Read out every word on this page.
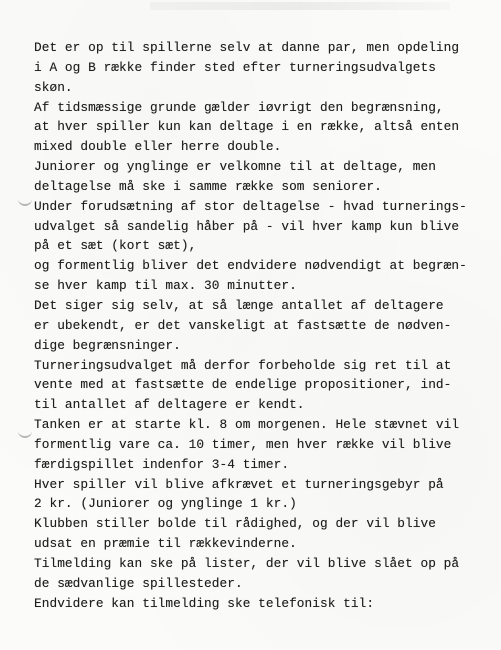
Det er op til spillerne selv at danne par, men opdeling
i A og B række finder sted efter turneringsudvalgets
skøn.
Af tidsmæssige grunde gælder iøvrigt den begrænsning,
at hver spiller kun kan deltage i en række, altså enten
mixed double eller herre double.
Juniorer og ynglinge er velkomne til at deltage, men
deltagelse må ske i samme række som seniorer.
Under forudsætning af stor deltagelse - hvad turnerings-
udvalget så sandelig håber på - vil hver kamp kun blive
på et sæt (kort sæt),
og formentlig bliver det endvidere nødvendigt at begræn-
se hver kamp til max. 30 minutter.
Det siger sig selv, at så længe antallet af deltagere
er ubekendt, er det vanskeligt at fastsætte de nødven-
dige begrænsninger.
Turneringsudvalget må derfor forbeholde sig ret til at
vente med at fastsætte de endelige propositioner, ind-
til antallet af deltagere er kendt.
Tanken er at starte kl. 8 om morgenen. Hele stævnet vil
formentlig vare ca. 10 timer, men hver række vil blive
færdigspillet indenfor 3-4 timer.
Hver spiller vil blive afkrævet et turneringsgebyr på
2 kr. (Juniorer og ynglinge 1 kr.)
Klubben stiller bolde til rådighed, og der vil blive
udsat en præmie til rækkevinderne.
Tilmelding kan ske på lister, der vil blive slået op på
de sædvanlige spillesteder.
Endvidere kan tilmelding ske telefonisk til:
